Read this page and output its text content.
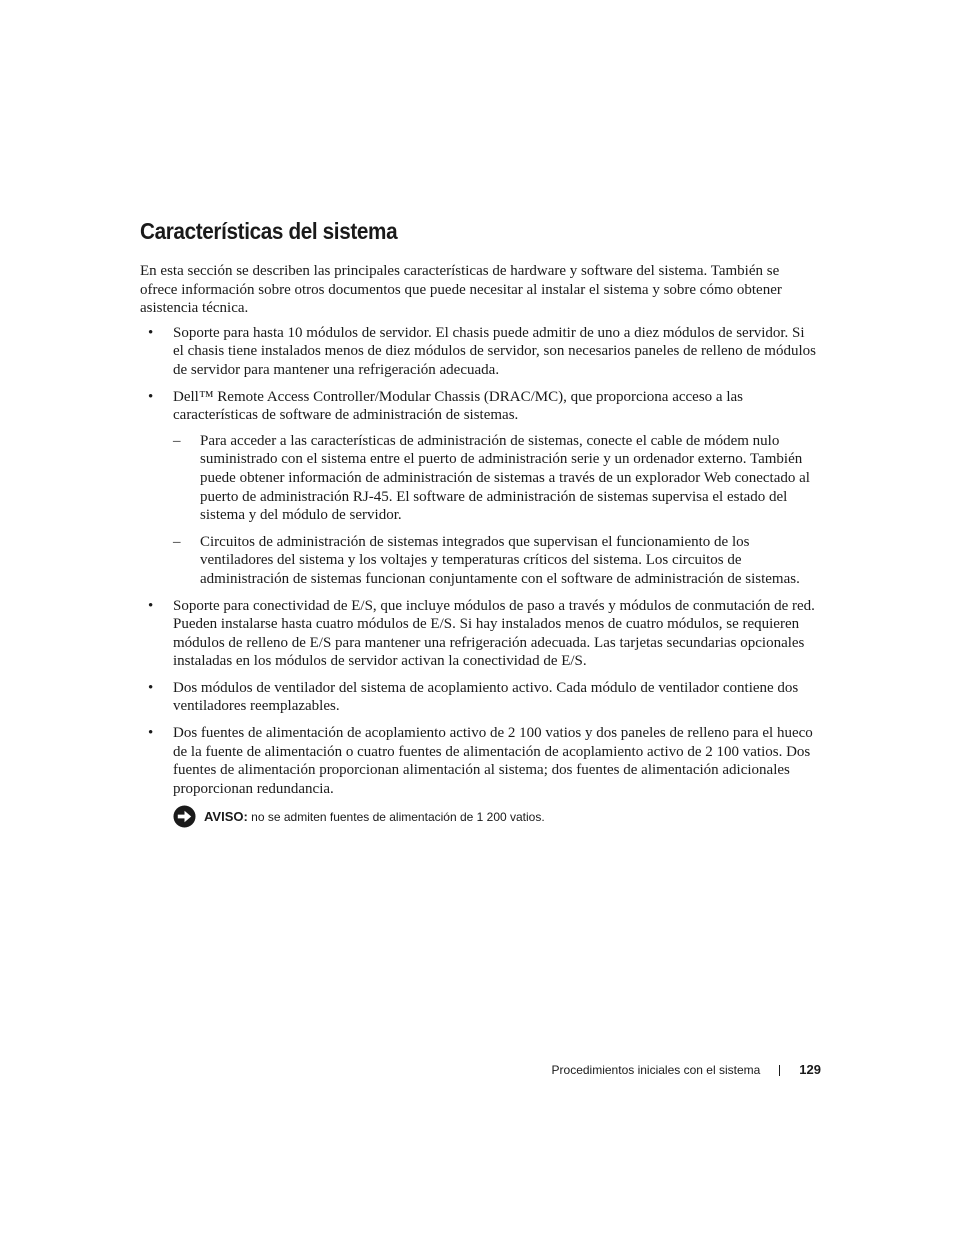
Características del sistema

En esta sección se describen las principales características de hardware y software del sistema. También se ofrece información sobre otros documentos que puede necesitar al instalar el sistema y sobre cómo obtener asistencia técnica.

• Soporte para hasta 10 módulos de servidor. El chasis puede admitir de uno a diez módulos de servidor. Si el chasis tiene instalados menos de diez módulos de servidor, son necesarios paneles de relleno de módulos de servidor para mantener una refrigeración adecuada.
• Dell™ Remote Access Controller/Modular Chassis (DRAC/MC), que proporciona acceso a las características de software de administración de sistemas.
– Para acceder a las características de administración de sistemas, conecte el cable de módem nulo suministrado con el sistema entre el puerto de administración serie y un ordenador externo. También puede obtener información de administración de sistemas a través de un explorador Web conectado al puerto de administración RJ-45. El software de administración de sistemas supervisa el estado del sistema y del módulo de servidor.
– Circuitos de administración de sistemas integrados que supervisan el funcionamiento de los ventiladores del sistema y los voltajes y temperaturas críticos del sistema. Los circuitos de administración de sistemas funcionan conjuntamente con el software de administración de sistemas.
• Soporte para conectividad de E/S, que incluye módulos de paso a través y módulos de conmutación de red. Pueden instalarse hasta cuatro módulos de E/S. Si hay instalados menos de cuatro módulos, se requieren módulos de relleno de E/S para mantener una refrigeración adecuada. Las tarjetas secundarias opcionales instaladas en los módulos de servidor activan la conectividad de E/S.
• Dos módulos de ventilador del sistema de acoplamiento activo. Cada módulo de ventilador contiene dos ventiladores reemplazables.
• Dos fuentes de alimentación de acoplamiento activo de 2 100 vatios y dos paneles de relleno para el hueco de la fuente de alimentación o cuatro fuentes de alimentación de acoplamiento activo de 2 100 vatios. Dos fuentes de alimentación proporcionan alimentación al sistema; dos fuentes de alimentación adicionales proporcionan redundancia.
AVISO: no se admiten fuentes de alimentación de 1 200 vatios.
Procedimientos iniciales con el sistema	129
